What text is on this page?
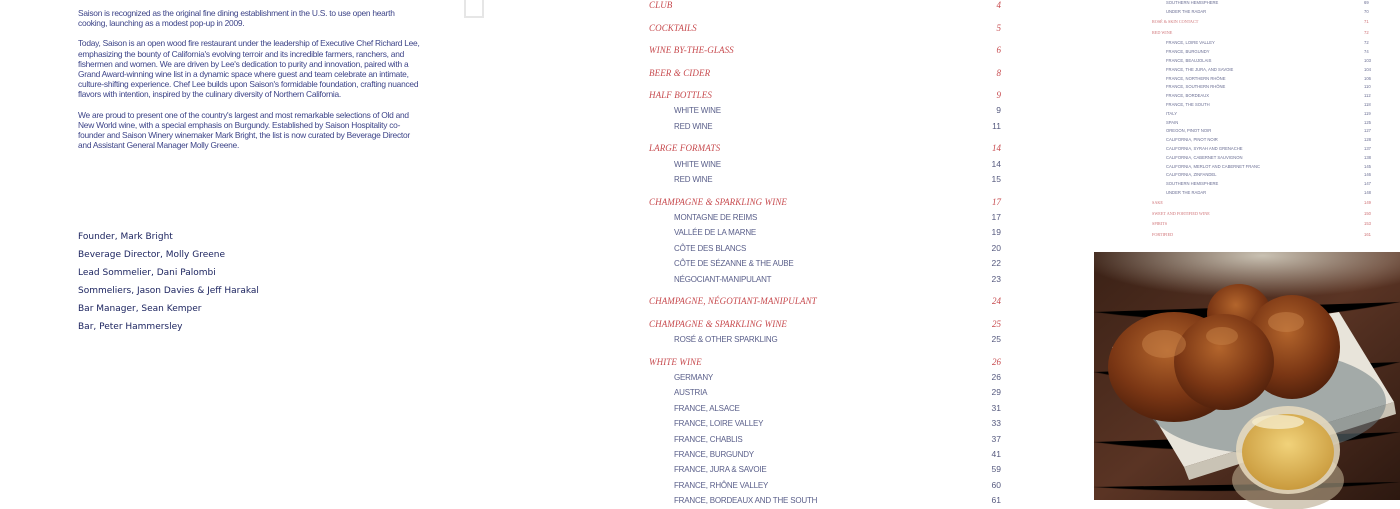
Saison is recognized as the original fine dining establishment in the U.S. to use open hearth cooking, launching as a modest pop-up in 2009.

Today, Saison is an open wood fire restaurant under the leadership of Executive Chef Richard Lee, emphasizing the bounty of California's evolving terroir and its incredible farmers, ranchers, and fishermen and women. We are driven by Lee's dedication to purity and innovation, paired with a Grand Award-winning wine list in a dynamic space where guest and team celebrate an intimate, culture-shifting experience. Chef Lee builds upon Saison's formidable foundation, crafting nuanced flavors with intention, inspired by the culinary diversity of Northern California.

We are proud to present one of the country's largest and most remarkable selections of Old and New World wine, with a special emphasis on Burgundy. Established by Saison Hospitality co-founder and Saison Winery winemaker Mark Bright, the list is now curated by Beverage Director and Assistant General Manager Molly Greene.

Founder, Mark Bright
Beverage Director, Molly Greene
Lead Sommelier, Dani Palombi
Sommeliers, Jason Davies & Jeff Harakal
Bar Manager, Sean Kemper
Bar, Peter Hammersley
CLUB	4
COCKTAILS	5
WINE BY-THE-GLASS	6
BEER & CIDER	8
HALF BOTTLES	9
WHITE WINE	9
RED WINE	11
LARGE FORMATS	14
WHITE WINE	14
RED WINE	15
CHAMPAGNE & SPARKLING WINE	17
MONTAGNE DE REIMS	17
VALLÉE DE LA MARNE	19
CÔTE DES BLANCS	20
CÔTE DE SÉZANNE & THE AUBE	22
NÉGOCIANT-MANIPULANT	23
CHAMPAGNE, NÉGOTIANT-MANIPULANT	24
CHAMPAGNE & SPARKLING WINE	25
ROSÉ & OTHER SPARKLING	25
WHITE WINE	26
GERMANY	26
AUSTRIA	29
FRANCE, ALSACE	31
FRANCE, LOIRE VALLEY	33
FRANCE, CHABLIS	37
FRANCE, BURGUNDY	41
FRANCE, JURA & SAVOIE	59
FRANCE, RHÔNE VALLEY	60
FRANCE, BORDEAUX AND THE SOUTH	61
SOUTHERN HEMISPHERE	69
UNDER THE RADAR	70
ROSÉ & SKIN CONTACT	71
RED WINE	72
FRANCE, LOIRE VALLEY	72
FRANCE, BURGUNDY	74
FRANCE, BEAUJOLAIS	103
FRANCE, THE JURA, AND SAVOIE	104
FRANCE, NORTHERN RHÔNE	106
FRANCE, SOUTHERN RHÔNE	110
FRANCE, BORDEAUX	112
FRANCE, THE SOUTH	118
ITALY	119
SPAIN	125
OREGON, PINOT NOIR	127
CALIFORNIA, PINOT NOIR	128
CALIFORNIA, SYRAH AND GRENACHE	137
CALIFORNIA, CABERNET SAUVIGNON	138
CALIFORNIA, MERLOT AND CABERNET FRANC	145
CALIFORNIA, ZINFANDEL	146
SOUTHERN HEMISPHERE	147
UNDER THE RADAR	148
SAKE	149
SWEET AND FORTIFIED WINE	150
SPIRITS	153
FORTIFIED	161
